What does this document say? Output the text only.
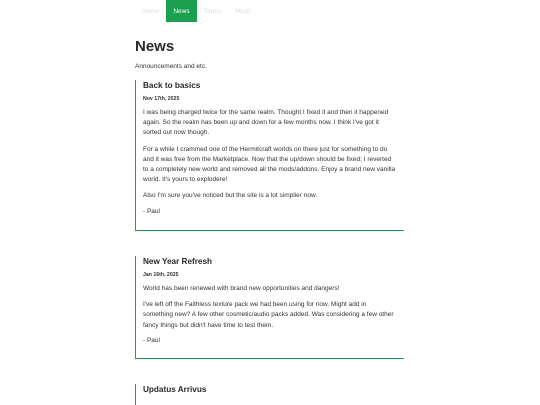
Home	News	Terms	Mods
News

Announcements and etc.

Back to basics

Nov 17th, 2025

I was being charged twice for the same realm. Thought I fixed it and then it happened again. So the realm has been up and down for a few months now. I think I've got it sorted out now though.

For a while I crammed one of the Hermitcraft worlds on there just for something to do and it was free from the Marketplace. Now that the up/down should be fixed; I reverted to a completely new world and removed all the mods/addons. Enjoy a brand new vanilla world. It's yours to explodere!

Also I'm sure you've noticed but the site is a lot simplier now.

- Paul

New Year Refresh

Jan 16th, 2025

World has been renewed with brand new opportunities and dangers!

I've left off the Faithless texture pack we had been using for now. Might add in something new? A few other cosmetic/audio packs added. Was considering a few other fancy things but didn't have time to test them.

- Paul

Updatus Arrivus
